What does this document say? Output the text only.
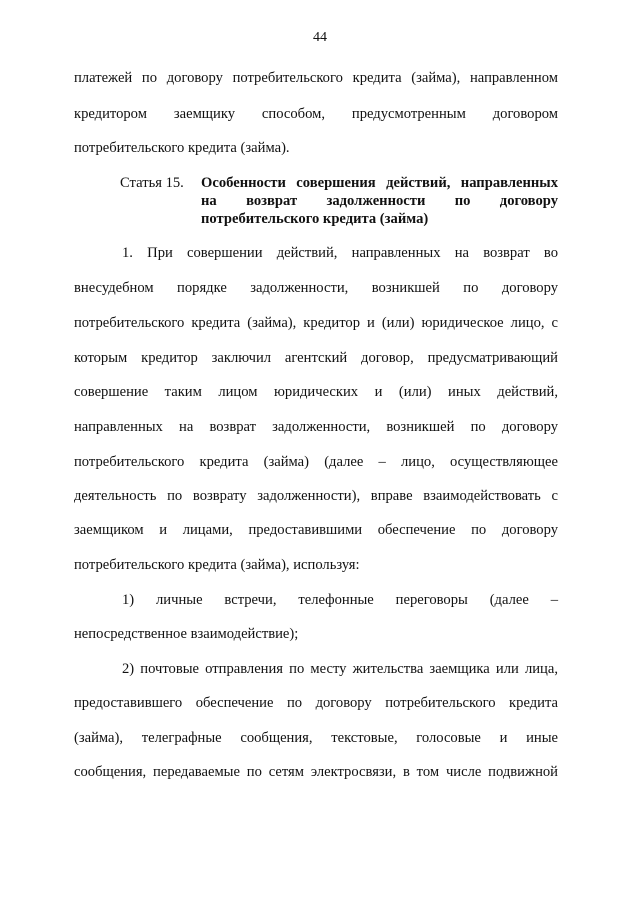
44
платежей по договору потребительского кредита (займа), направленном
кредитором заемщику способом, предусмотренным договором
потребительского кредита (займа).
Статья 15. Особенности совершения действий, направленных
на возврат задолженности по договору
потребительского кредита (займа)
1. При совершении действий, направленных на возврат во
внесудебном порядке задолженности, возникшей по договору
потребительского кредита (займа), кредитор и (или) юридическое лицо, с
которым кредитор заключил агентский договор, предусматривающий
совершение таким лицом юридических и (или) иных действий,
направленных на возврат задолженности, возникшей по договору
потребительского кредита (займа) (далее – лицо, осуществляющее
деятельность по возврату задолженности), вправе взаимодействовать с
заемщиком и лицами, предоставившими обеспечение по договору
потребительского кредита (займа), используя:
1) личные встречи, телефонные переговоры (далее –
непосредственное взаимодействие);
2) почтовые отправления по месту жительства заемщика или лица,
предоставившего обеспечение по договору потребительского кредита
(займа), телеграфные сообщения, текстовые, голосовые и иные
сообщения, передаваемые по сетям электросвязи, в том числе подвижной
